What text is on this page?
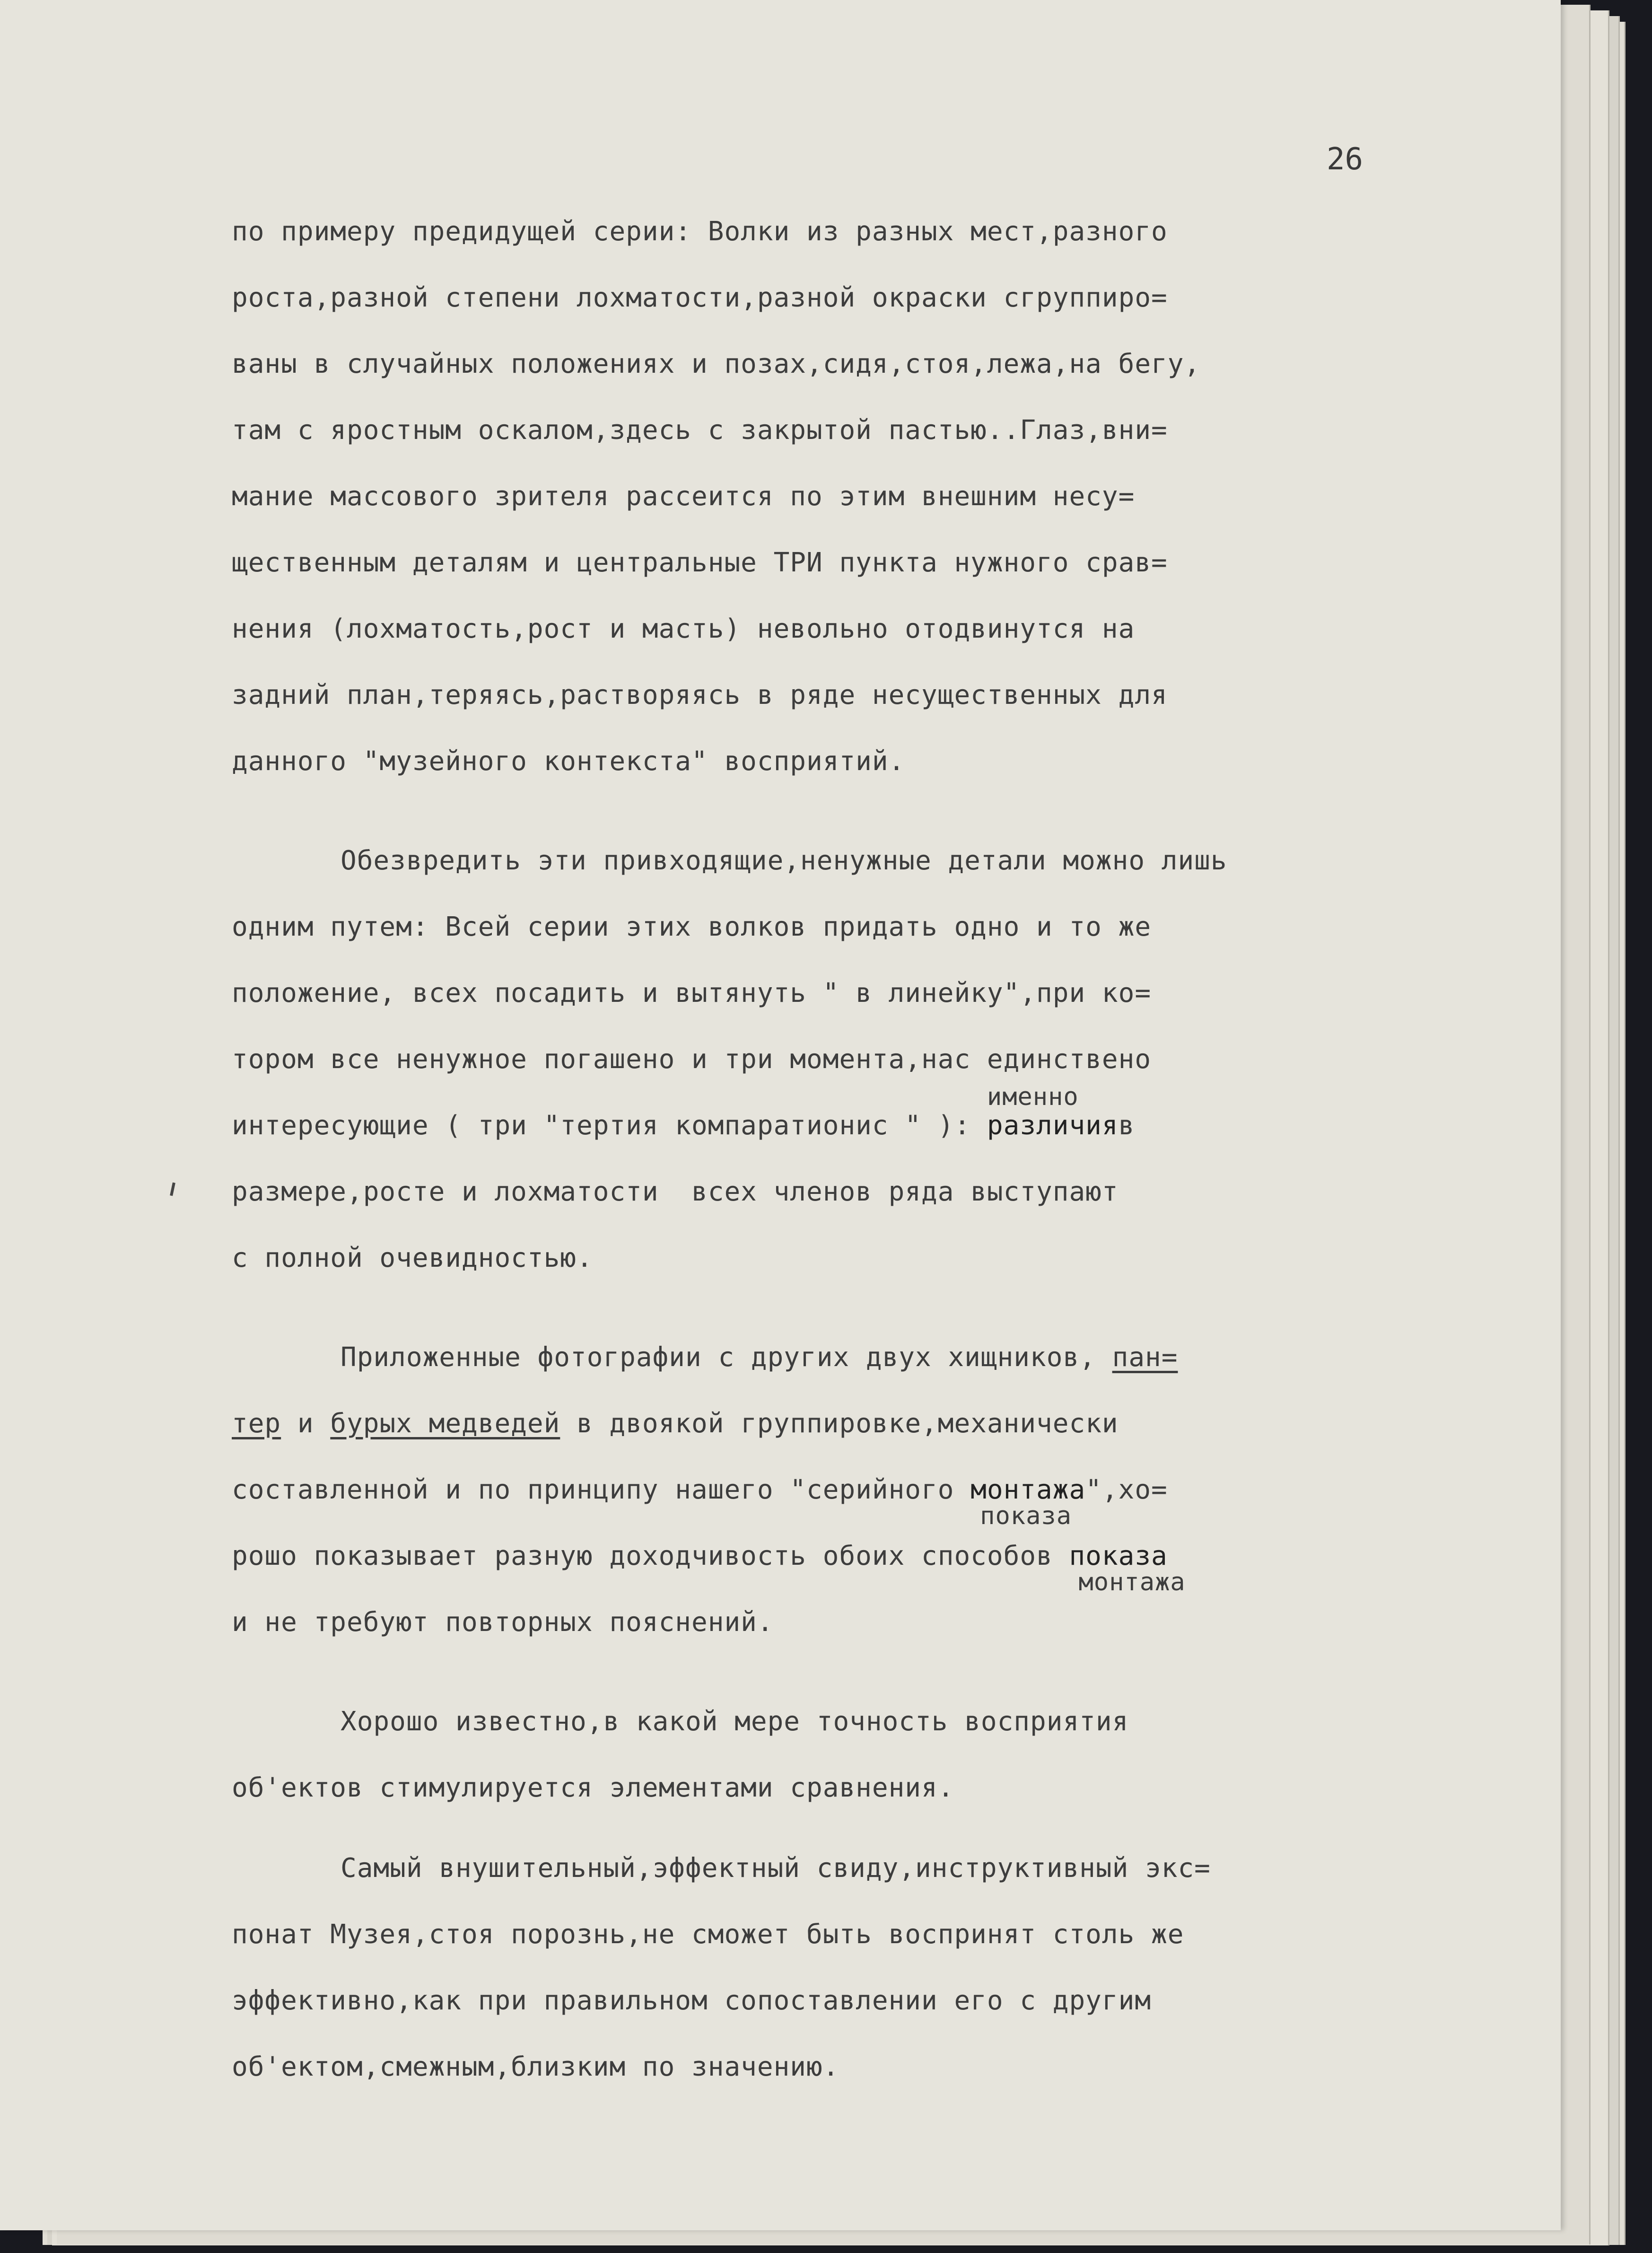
26
по примеру предидущей серии: Волки из разных мест,разного
роста,разной степени лохматости,разной окраски сгруппиро=
ваны в случайных положениях и позах,сидя,стоя,лежа,на бегу,
там с яростным оскалом,здесь с закрытой пастью..Глаз,вни=
мание массового зрителя рассеится по этим внешним несу=
щественным деталям и центральные ТРИ пункта нужного срав=
нения (лохматость,рост и масть) невольно отодвинутся на
задний план,теряясь,растворяясь в ряде несущественных для
данного "музейного контекста" восприятий.
Обезвредить эти привходящие,ненужные детали можно лишь
одним путем: Всей серии этих волков придать одно и то же
положение, всех посадить и вытянуть " в линейку",при ко=
тором все ненужное погашено и три момента,нас единствено
интересующие ( три "тертия компаратионис " ):
именно
различияв
размере,росте и лохматости  всех членов ряда выступают
с полной очевидностью.
Приложенные фотографии с других двух хищников, пан=
тер и бурых медведей в двоякой группировке,механически
составленной и по принципу нашего "серийного монтажа
показа
",хо=
рошо показывает разную доходчивость обоих способов показа
монтажа
и не требуют повторных пояснений.
Хорошо известно,в какой мере точность восприятия
об'ектов стимулируется элементами сравнения.
Самый внушительный,эффектный свиду,инструктивный экс=
понат Музея,стоя порознь,не сможет быть воспринят столь же
эффективно,как при правильном сопоставлении его с другим
об'ектом,смежным,близким по значению.
